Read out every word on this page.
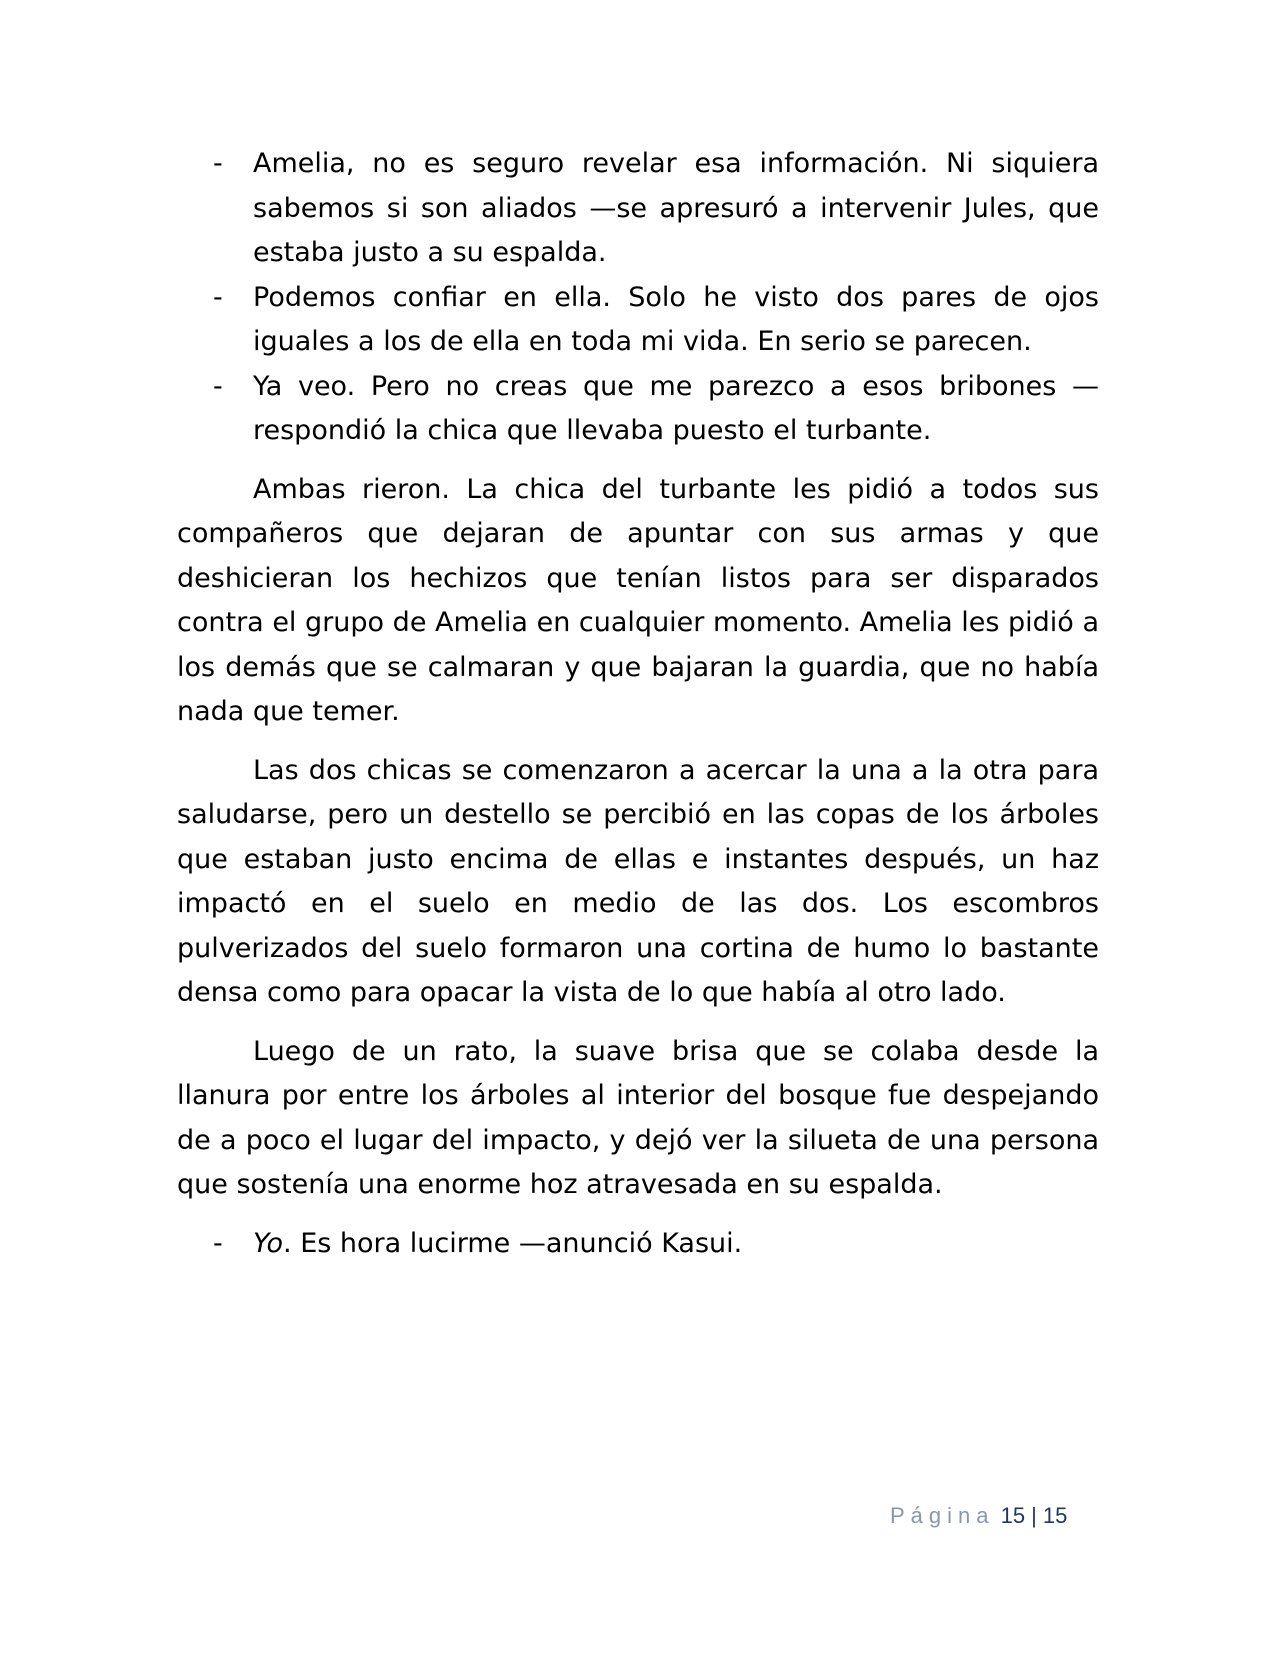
- Amelia, no es seguro revelar esa información. Ni siquiera sabemos si son aliados —se apresuró a intervenir Jules, que estaba justo a su espalda.

- Podemos confiar en ella. Solo he visto dos pares de ojos iguales a los de ella en toda mi vida. En serio se parecen.

- Ya veo. Pero no creas que me parezco a esos bribones —respondió la chica que llevaba puesto el turbante.

Ambas rieron. La chica del turbante les pidió a todos sus compañeros que dejaran de apuntar con sus armas y que deshicieran los hechizos que tenían listos para ser disparados contra el grupo de Amelia en cualquier momento. Amelia les pidió a los demás que se calmaran y que bajaran la guardia, que no había nada que temer.

Las dos chicas se comenzaron a acercar la una a la otra para saludarse, pero un destello se percibió en las copas de los árboles que estaban justo encima de ellas e instantes después, un haz impactó en el suelo en medio de las dos. Los escombros pulverizados del suelo formaron una cortina de humo lo bastante densa como para opacar la vista de lo que había al otro lado.

Luego de un rato, la suave brisa que se colaba desde la llanura por entre los árboles al interior del bosque fue despejando de a poco el lugar del impacto, y dejó ver la silueta de una persona que sostenía una enorme hoz atravesada en su espalda.

- Yo. Es hora lucirme —anunció Kasui.

Página 15 | 15
